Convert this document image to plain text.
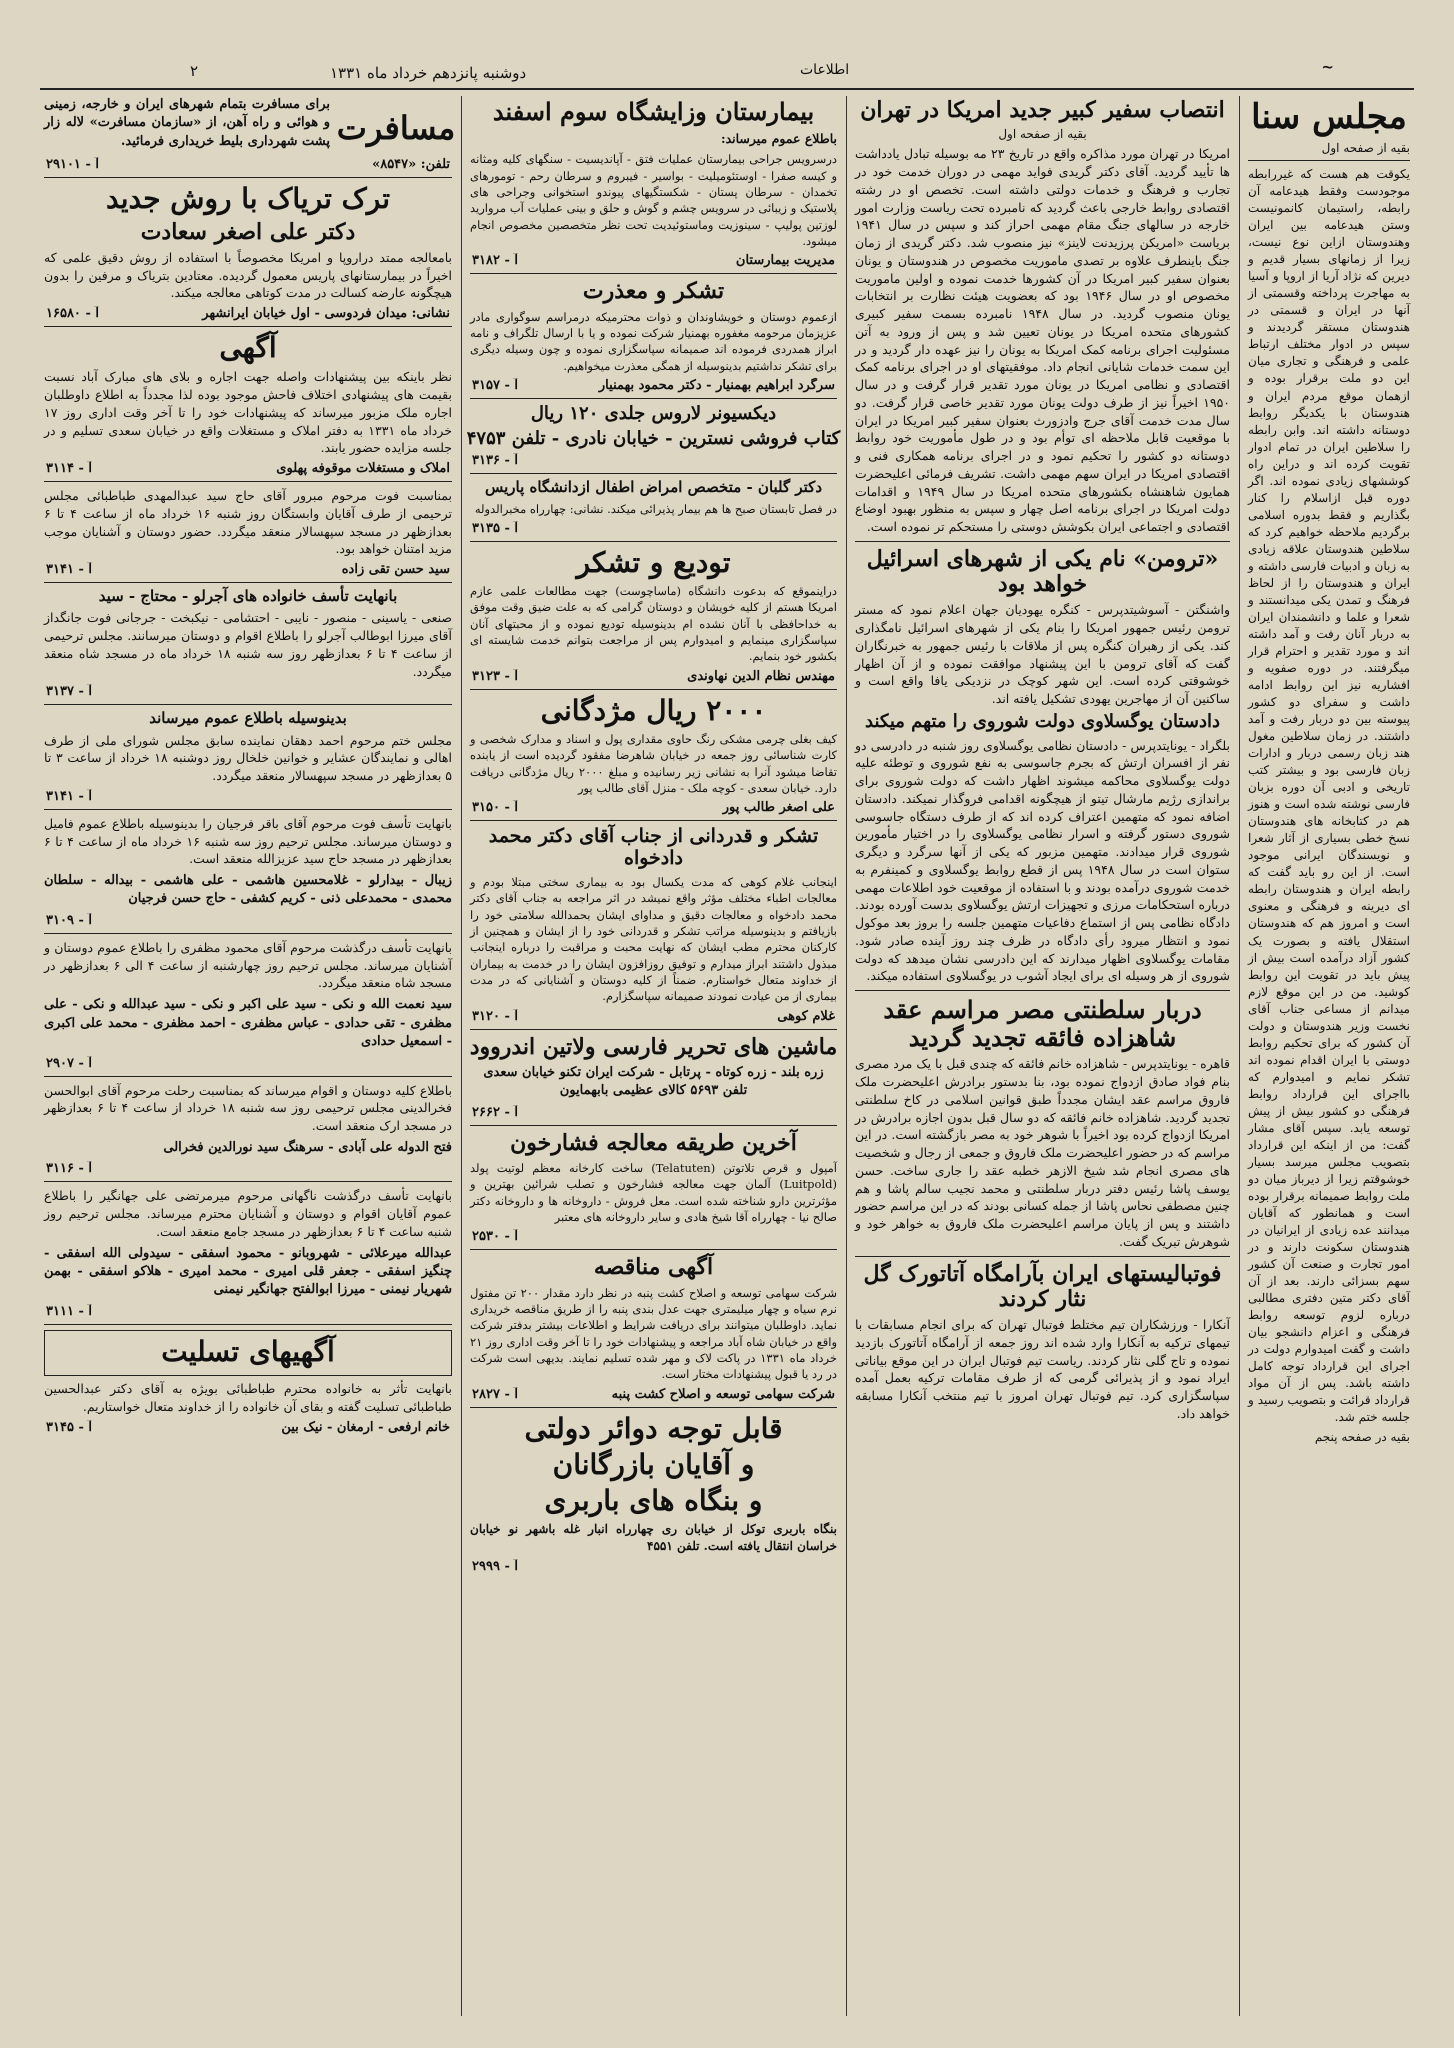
~
اطلاعات
دوشنبه پانزدهم خرداد ماه ۱۳۳۱
۲
مجلس سنا
بقیه از صفحه اول
یکوقت هم هست که غیررابطه موجودست وفقط هیدعامه آن رابطه، راستیمان کانمونیست وستن هیدعامه بین ایران وهندوستان ازاین نوع نیست، زیرا از زمانهای بسیار قدیم و دیرین که نژاد آریا از اروپا و آسیا به مهاجرت پرداخته وقسمتی از آنها در ایران و قسمتی در هندوستان مستقر گردیدند و سپس در ادوار مختلف ارتباط علمی و فرهنگی و تجاری میان این دو ملت برقرار بوده و ازهمان موقع مردم ایران و هندوستان با یکدیگر روابط دوستانه داشته اند. وابن رابطه را سلاطین ایران در تمام ادوار تقویت کرده اند و دراین راه کوششهای زیادی نموده اند. اگر دوره قبل ازاسلام را کنار بگذاریم و فقط بدوره اسلامی برگردیم ملاحظه خواهیم کرد که سلاطین هندوستان علاقه زیادی به زبان و ادبیات فارسی داشته و ایران و هندوستان را از لحاظ فرهنگ و تمدن یکی میدانستند و شعرا و علما و دانشمندان ایران به دربار آنان رفت و آمد داشته اند و مورد تقدیر و احترام قرار میگرفتند. در دوره صفویه و افشاریه نیز این روابط ادامه داشت و سفرای دو کشور پیوسته بین دو دربار رفت و آمد داشتند. در زمان سلاطین مغول هند زبان رسمی دربار و ادارات زبان فارسی بود و بیشتر کتب تاریخی و ادبی آن دوره بزبان فارسی نوشته شده است و هنوز هم در کتابخانه های هندوستان نسخ خطی بسیاری از آثار شعرا و نویسندگان ایرانی موجود است. از این رو باید گفت که رابطه ایران و هندوستان رابطه ای دیرینه و فرهنگی و معنوی است و امروز هم که هندوستان استقلال یافته و بصورت یک کشور آزاد درآمده است بیش از پیش باید در تقویت این روابط کوشید. من در این موقع لازم میدانم از مساعی جناب آقای نخست وزیر هندوستان و دولت آن کشور که برای تحکیم روابط دوستی با ایران اقدام نموده اند تشکر نمایم و امیدوارم که بااجرای این قرارداد روابط فرهنگی دو کشور بیش از پیش توسعه یابد. سپس آقای مشار گفت: من از اینکه این قرارداد بتصویب مجلس میرسد بسیار خوشوقتم زیرا از دیرباز میان دو ملت روابط صمیمانه برقرار بوده است و همانطور که آقایان میدانند عده زیادی از ایرانیان در هندوستان سکونت دارند و در امور تجارت و صنعت آن کشور سهم بسزائی دارند. بعد از آن آقای دکتر متین دفتری مطالبی درباره لزوم توسعه روابط فرهنگی و اعزام دانشجو بیان داشت و گفت امیدوارم دولت در اجرای این قرارداد توجه کامل داشته باشد. پس از آن مواد قرارداد قرائت و بتصویب رسید و جلسه ختم شد.
بقیه در صفحه پنجم
انتصاب سفیر کبیر جدید امریکا در تهران
بقیه از صفحه اول
امریکا در تهران مورد مذاکره واقع در تاریخ ۲۳ مه بوسیله تبادل یادداشت ها تأیید گردید. آقای دکتر گریدی فواید مهمی در دوران خدمت خود در تجارب و فرهنگ و خدمات دولتی داشته است. تخصص او در رشته اقتصادی روابط خارجی باعث گردید که نامبرده تحت ریاست وزارت امور خارجه در سالهای جنگ مقام مهمی احراز کند و سپس در سال ۱۹۴۱ بریاست «امریکن پرزیدنت لاینز» نیز منصوب شد. دکتر گریدی از زمان جنگ باینطرف علاوه بر تصدی ماموریت مخصوص در هندوستان و یونان بعنوان سفیر کبیر امریکا در آن کشورها خدمت نموده و اولین ماموریت مخصوص او در سال ۱۹۴۶ بود که بعضویت هیئت نظارت بر انتخابات یونان منصوب گردید. در سال ۱۹۴۸ نامبرده بسمت سفیر کبیری کشورهای متحده امریکا در یونان تعیین شد و پس از ورود به آتن مسئولیت اجرای برنامه کمک امریکا به یونان را نیز عهده دار گردید و در این سمت خدمات شایانی انجام داد. موفقیتهای او در اجرای برنامه کمک اقتصادی و نظامی امریکا در یونان مورد تقدیر قرار گرفت و در سال ۱۹۵۰ اخیراً نیز از طرف دولت یونان مورد تقدیر خاصی قرار گرفت. دو سال مدت خدمت آقای جرج وادزورث بعنوان سفیر کبیر امریکا در ایران با موقعیت قابل ملاحظه ای توأم بود و در طول مأموریت خود روابط دوستانه دو کشور را تحکیم نمود و در اجرای برنامه همکاری فنی و اقتصادی امریکا در ایران سهم مهمی داشت. تشریف فرمائی اعلیحضرت همایون شاهنشاه بکشورهای متحده امریکا در سال ۱۹۴۹ و اقدامات دولت امریکا در اجرای برنامه اصل چهار و سپس به منظور بهبود اوضاع اقتصادی و اجتماعی ایران بکوشش دوستی را مستحکم تر نموده است.
«ترومن» نام یکی از شهرهای اسرائیل خواهد بود
واشنگتن - آسوشیتدپرس - کنگره یهودیان جهان اعلام نمود که مستر ترومن رئیس جمهور امریکا را بنام یکی از شهرهای اسرائیل نامگذاری کند. یکی از رهبران کنگره پس از ملاقات با رئیس جمهور به خبرنگاران گفت که آقای ترومن با این پیشنهاد موافقت نموده و از آن اظهار خوشوقتی کرده است. این شهر کوچک در نزدیکی یافا واقع است و ساکنین آن از مهاجرین یهودی تشکیل یافته اند.
دادستان یوگسلاوی دولت شوروی را متهم میکند
بلگراد - یونایتدپرس - دادستان نظامی یوگسلاوی روز شنبه در دادرسی دو نفر از افسران ارتش که بجرم جاسوسی به نفع شوروی و توطئه علیه دولت یوگسلاوی محاکمه میشوند اظهار داشت که دولت شوروی برای براندازی رژیم مارشال تیتو از هیچگونه اقدامی فروگذار نمیکند. دادستان اضافه نمود که متهمین اعتراف کرده اند که از طرف دستگاه جاسوسی شوروی دستور گرفته و اسرار نظامی یوگسلاوی را در اختیار مأمورین شوروی قرار میدادند. متهمین مزبور که یکی از آنها سرگرد و دیگری ستوان است در سال ۱۹۴۸ پس از قطع روابط یوگسلاوی و کمینفرم به خدمت شوروی درآمده بودند و با استفاده از موقعیت خود اطلاعات مهمی درباره استحکامات مرزی و تجهیزات ارتش یوگسلاوی بدست آورده بودند. دادگاه نظامی پس از استماع دفاعیات متهمین جلسه را بروز بعد موکول نمود و انتظار میرود رأی دادگاه در ظرف چند روز آینده صادر شود. مقامات یوگسلاوی اظهار میدارند که این دادرسی نشان میدهد که دولت شوروی از هر وسیله ای برای ایجاد آشوب در یوگسلاوی استفاده میکند.
دربار سلطنتی مصر مراسم عقد شاهزاده فائقه تجدید گردید
قاهره - یونایتدپرس - شاهزاده خانم فائقه که چندی قبل با یک مرد مصری بنام فواد صادق ازدواج نموده بود، بنا بدستور برادرش اعلیحضرت ملک فاروق مراسم عقد ایشان مجدداً طبق قوانین اسلامی در کاخ سلطنتی تجدید گردید. شاهزاده خانم فائقه که دو سال قبل بدون اجازه برادرش در امریکا ازدواج کرده بود اخیراً با شوهر خود به مصر بازگشته است. در این مراسم که در حضور اعلیحضرت ملک فاروق و جمعی از رجال و شخصیت های مصری انجام شد شیخ الازهر خطبه عقد را جاری ساخت. حسن یوسف پاشا رئیس دفتر دربار سلطنتی و محمد نجیب سالم پاشا و هم چنین مصطفی نحاس پاشا از جمله کسانی بودند که در این مراسم حضور داشتند و پس از پایان مراسم اعلیحضرت ملک فاروق به خواهر خود و شوهرش تبریک گفت.
فوتبالیستهای ایران بآرامگاه آتاتورک گل نثار کردند
آنکارا - ورزشکاران تیم مختلط فوتبال تهران که برای انجام مسابقات با تیمهای ترکیه به آنکارا وارد شده اند روز جمعه از آرامگاه آتاتورک بازدید نموده و تاج گلی نثار کردند. ریاست تیم فوتبال ایران در این موقع بیاناتی ایراد نمود و از پذیرائی گرمی که از طرف مقامات ترکیه بعمل آمده سپاسگزاری کرد. تیم فوتبال تهران امروز با تیم منتخب آنکارا مسابقه خواهد داد.
بیمارستان وزایشگاه سوم اسفند
باطلاع عموم میرساند:
درسرویس جراحی بیمارستان عملیات فتق - آپاندیسیت - سنگهای کلیه ومثانه و کیسه صفرا - اوستئومیلیت - بواسیر - فیبروم و سرطان رحم - تومورهای تخمدان - سرطان پستان - شکستگیهای پیوندو استخوانی وجراحی های پلاستیک و زیبائی در سرویس چشم و گوش و حلق و بینی عملیات آب مروارید لوزتین پولیپ - سینوزیت وماستوئیدیت تحت نظر متخصصین مخصوص انجام میشود.
مدیریت بیمارستان
آ - ۳۱۸۲
تشکر و معذرت
ازعموم دوستان و خویشاوندان و ذوات محترمیکه درمراسم سوگواری مادر عزیزمان مرحومه مغفوره بهمنیار شرکت نموده و یا با ارسال تلگراف و نامه ابراز همدردی فرموده اند صمیمانه سپاسگزاری نموده و چون وسیله دیگری برای تشکر نداشتیم بدینوسیله از همگی معذرت میخواهیم.
سرگرد ابراهیم بهمنیار - دکتر محمود بهمنیار
آ - ۳۱۵۷
دیکسیونر لاروس جلدی ۱۲۰ ریال
کتاب فروشی نسترین - خیابان نادری - تلفن ۴۷۵۳
آ - ۳۱۳۶
دکتر گلبان - متخصص امراض اطفال ازدانشگاه پاریس
در فصل تابستان صبح ها هم بیمار پذیرائی میکند. نشانی: چهارراه مخبرالدوله
آ - ۳۱۳۵
تودیع و تشکر
دراینموقع که بدعوت دانشگاه (ماساچوست) جهت مطالعات علمی عازم امریکا هستم از کلیه خویشان و دوستان گرامی که به علت ضیق وقت موفق به خداحافظی با آنان نشده ام بدینوسیله تودیع نموده و از محبتهای آنان سپاسگزاری مینمایم و امیدوارم پس از مراجعت بتوانم خدمت شایسته ای بکشور خود بنمایم.
مهندس نظام الدین نهاوندی
آ - ۳۱۲۳
۲۰۰۰ ریال مژدگانی
کیف بغلی چرمی مشکی رنگ حاوی مقداری پول و اسناد و مدارک شخصی و کارت شناسائی روز جمعه در خیابان شاهرضا مفقود گردیده است از یابنده تقاضا میشود آنرا به نشانی زیر رسانیده و مبلغ ۲۰۰۰ ریال مژدگانی دریافت دارد. خیابان سعدی - کوچه ملک - منزل آقای طالب پور
علی اصغر طالب پور
آ - ۳۱۵۰
تشکر و قدردانی از جناب آقای دکتر محمد دادخواه
اینجانب غلام کوهی که مدت یکسال بود به بیماری سختی مبتلا بودم و معالجات اطباء مختلف مؤثر واقع نمیشد در اثر مراجعه به جناب آقای دکتر محمد دادخواه و معالجات دقیق و مداوای ایشان بحمدالله سلامتی خود را بازیافتم و بدینوسیله مراتب تشکر و قدردانی خود را از ایشان و همچنین از کارکنان محترم مطب ایشان که نهایت محبت و مراقبت را درباره اینجانب مبذول داشتند ابراز میدارم و توفیق روزافزون ایشان را در خدمت به بیماران از خداوند متعال خواستارم. ضمناً از کلیه دوستان و آشنایانی که در مدت بیماری از من عیادت نمودند صمیمانه سپاسگزارم.
غلام کوهی
آ - ۳۱۲۰
ماشین های تحریر فارسی ولاتین اندروود
زره بلند - زره کوتاه - پرتابل - شرکت ایران تکنو خیابان سعدی تلفن ۵۶۹۳ کالای عظیمی بابهمایون
آ - ۲۶۶۲
آخرین طریقه معالجه فشارخون
آمپول و قرص تلاتوتن (Telatuten) ساخت کارخانه معظم لوتیت پولد (Luitpold) آلمان جهت معالجه فشارخون و تصلب شرائین بهترین و مؤثرترین دارو شناخته شده است. معل فروش - داروخانه ها و داروخانه دکتر صالح نیا - چهارراه آقا شیخ هادی و سایر داروخانه های معتبر
آ - ۲۵۳۰
آگهی مناقصه
شرکت سهامی توسعه و اصلاح کشت پنبه در نظر دارد مقدار ۲۰۰ تن مفتول نرم سیاه و چهار میلیمتری جهت عدل بندی پنبه را از طریق مناقصه خریداری نماید. داوطلبان میتوانند برای دریافت شرایط و اطلاعات بیشتر بدفتر شرکت واقع در خیابان شاه آباد مراجعه و پیشنهادات خود را تا آخر وقت اداری روز ۲۱ خرداد ماه ۱۳۳۱ در پاکت لاک و مهر شده تسلیم نمایند. بدیهی است شرکت در رد یا قبول پیشنهادات مختار است.
شرکت سهامی توسعه و اصلاح کشت پنبه
آ - ۲۸۲۷
قابل توجه دوائر دولتی
و آقایان بازرگانان
و بنگاه های باربری
بنگاه باربری توکل از خیابان ری چهارراه انبار غله باشهر نو خیابان خراسان انتقال یافته است. تلفن ۴۵۵۱
آ - ۲۹۹۹
مسافرت
برای مسافرت بتمام شهرهای ایران و خارجه، زمینی و هوائی و راه آهن، از «سازمان مسافرت» لاله زار پشت شهرداری بلیط خریداری فرمائید.
تلفن: «۸۵۴۷»
آ - ۲۹۱۰۱
ترک تریاک با روش جدید
دکتر علی اصغر سعادت
بامعالجه ممتد دراروپا و امریکا مخصوصاً با استفاده از روش دقیق علمی که اخیراً در بیمارستانهای پاریس معمول گردیده. معتادین بتریاک و مرفین را بدون هیچگونه عارضه کسالت در مدت کوتاهی معالجه میکند.
نشانی: میدان فردوسی - اول خیابان ایرانشهر
آ - ۱۶۵۸۰
آگهی
نظر باینکه بین پیشنهادات واصله جهت اجاره و بلای های مبارک آباد نسبت بقیمت های پیشنهادی اختلاف فاحش موجود بوده لذا مجدداً به اطلاع داوطلبان اجاره ملک مزبور میرساند که پیشنهادات خود را تا آخر وقت اداری روز ۱۷ خرداد ماه ۱۳۳۱ به دفتر املاک و مستغلات واقع در خیابان سعدی تسلیم و در جلسه مزایده حضور یابند.
املاک و مستغلات موقوفه پهلوی
آ - ۳۱۱۴
بمناسبت فوت مرحوم مبرور آقای حاج سید عبدالمهدی طباطبائی مجلس ترحیمی از طرف آقایان وابستگان روز شنبه ۱۶ خرداد ماه از ساعت ۴ تا ۶ بعدازظهر در مسجد سپهسالار منعقد میگردد. حضور دوستان و آشنایان موجب مزید امتنان خواهد بود.
سید حسن تقی زاده
آ - ۳۱۴۱
بانهایت تأسف خانواده های آجرلو - محتاج - سید
صنعی - یاسینی - منصور - نایبی - احتشامی - نیکبخت - جرجانی فوت جانگداز آقای میرزا ابوطالب آجرلو را باطلاع اقوام و دوستان میرسانند. مجلس ترحیمی از ساعت ۴ تا ۶ بعدازظهر روز سه شنبه ۱۸ خرداد ماه در مسجد شاه منعقد میگردد.
آ - ۳۱۳۷
بدینوسیله باطلاع عموم میرساند
مجلس ختم مرحوم احمد دهقان نماینده سابق مجلس شورای ملی از طرف اهالی و نمایندگان عشایر و خوانین خلخال روز دوشنبه ۱۸ خرداد از ساعت ۳ تا ۵ بعدازظهر در مسجد سپهسالار منعقد میگردد.
آ - ۳۱۴۱
بانهایت تأسف فوت مرحوم آقای باقر فرجیان را بدینوسیله باطلاع عموم فامیل و دوستان میرساند. مجلس ترحیم روز سه شنبه ۱۶ خرداد ماه از ساعت ۴ تا ۶ بعدازظهر در مسجد حاج سید عزیزالله منعقد است.
زیبال - بیدارلو - غلامحسین هاشمی - علی هاشمی - بیداله - سلطان محمدی - محمدعلی ذنی - کریم کشفی - حاج حسن فرجیان
آ - ۳۱۰۹
بانهایت تأسف درگذشت مرحوم آقای محمود مظفری را باطلاع عموم دوستان و آشنایان میرساند. مجلس ترحیم روز چهارشنبه از ساعت ۴ الی ۶ بعدازظهر در مسجد شاه منعقد میگردد.
سید نعمت الله و نکی - سید علی اکبر و نکی - سید عبدالله و نکی - علی مظفری - تقی حدادی - عباس مظفری - احمد مظفری - محمد علی اکبری - اسمعیل حدادی
آ - ۲۹۰۷
باطلاع کلیه دوستان و اقوام میرساند که بمناسبت رحلت مرحوم آقای ابوالحسن فخرالدینی مجلس ترحیمی روز سه شنبه ۱۸ خرداد از ساعت ۴ تا ۶ بعدازظهر در مسجد ارک منعقد است.
فتح الدوله علی آبادی - سرهنگ سید نورالدین فخرالی
آ - ۳۱۱۶
بانهایت تأسف درگذشت ناگهانی مرحوم میرمرتضی علی جهانگیر را باطلاع عموم آقایان اقوام و دوستان و آشنایان محترم میرساند. مجلس ترحیم روز شنبه ساعت ۴ تا ۶ بعدازظهر در مسجد جامع منعقد است.
عبدالله میرعلائی - شهروبانو - محمود اسفقی - سیدولی الله اسفقی - چنگیز اسفقی - جعفر قلی امیری - محمد امیری - هلاکو اسفقی - بهمن شهریار نیمنی - میرزا ابوالفتح جهانگیر نیمنی
آ - ۳۱۱۱
آگهیهای تسلیت
بانهایت تأثر به خانواده محترم طباطبائی بویژه به آقای دکتر عبدالحسین طباطبائی تسلیت گفته و بقای آن خانواده را از خداوند متعال خواستاریم.
خانم ارفعی - ارمغان - نیک بین
آ - ۳۱۴۵
